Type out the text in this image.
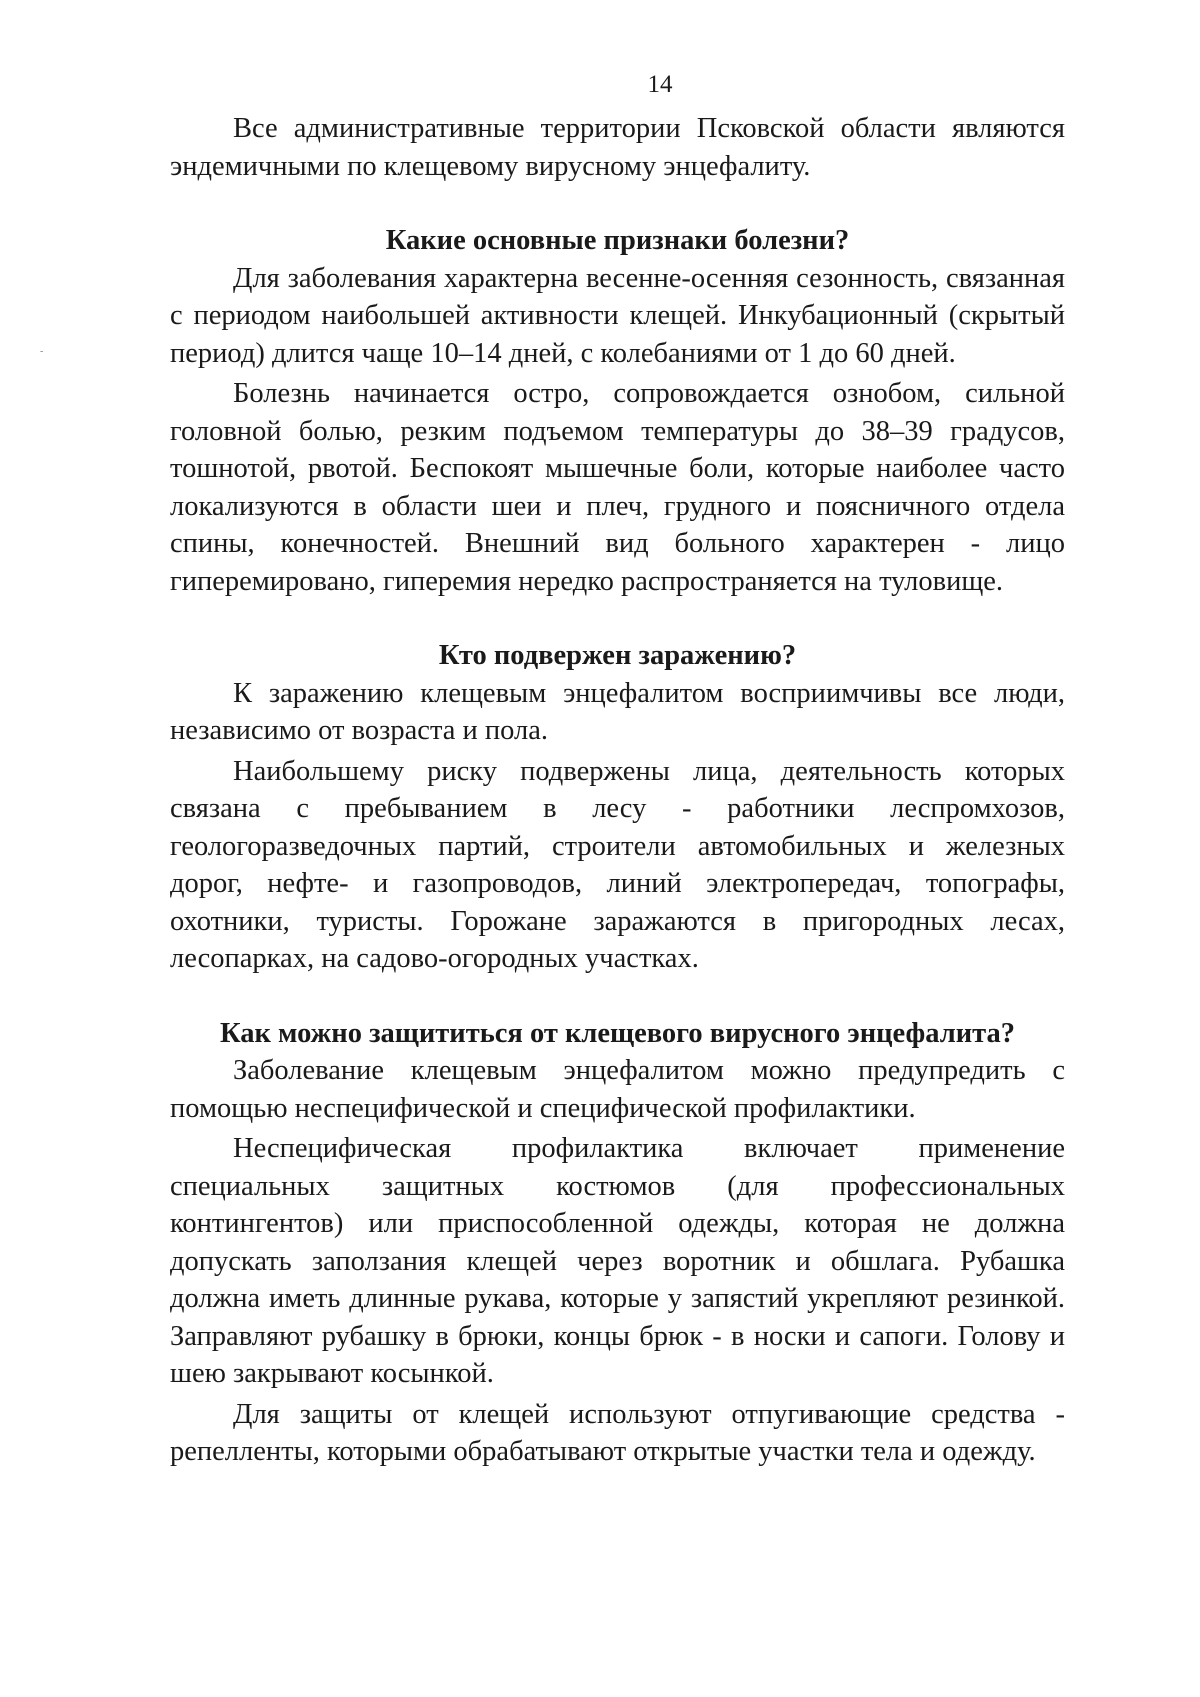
14
-

Все административные территории Псковской области являются эндемичными по клещевому вирусному энцефалиту.

Какие основные признаки болезни?

Для заболевания характерна весенне-осенняя сезонность, связанная с периодом наибольшей активности клещей. Инкубационный (скрытый период) длится чаще 10–14 дней, с колебаниями от 1 до 60 дней.

Болезнь начинается остро, сопровождается ознобом, сильной головной болью, резким подъемом температуры до 38–39 градусов, тошнотой, рвотой. Беспокоят мышечные боли, которые наиболее часто локализуются в области шеи и плеч, грудного и поясничного отдела спины, конечностей. Внешний вид больного характерен - лицо гиперемировано, гиперемия нередко распространяется на туловище.

Кто подвержен заражению?

К заражению клещевым энцефалитом восприимчивы все люди, независимо от возраста и пола.

Наибольшему риску подвержены лица, деятельность которых связана с пребыванием в лесу - работники леспромхозов, геологоразведочных партий, строители автомобильных и железных дорог, нефте- и газопроводов, линий электропередач, топографы, охотники, туристы. Горожане заражаются в пригородных лесах, лесопарках, на садово-огородных участках.

Как можно защититься от клещевого вирусного энцефалита?

Заболевание клещевым энцефалитом можно предупредить с помощью неспецифической и специфической профилактики.

Неспецифическая профилактика включает применение специальных защитных костюмов (для профессиональных контингентов) или приспособленной одежды, которая не должна допускать заползания клещей через воротник и обшлага. Рубашка должна иметь длинные рукава, которые у запястий укрепляют резинкой. Заправляют рубашку в брюки, концы брюк - в носки и сапоги. Голову и шею закрывают косынкой.

Для защиты от клещей используют отпугивающие средства - репелленты, которыми обрабатывают открытые участки тела и одежду.
